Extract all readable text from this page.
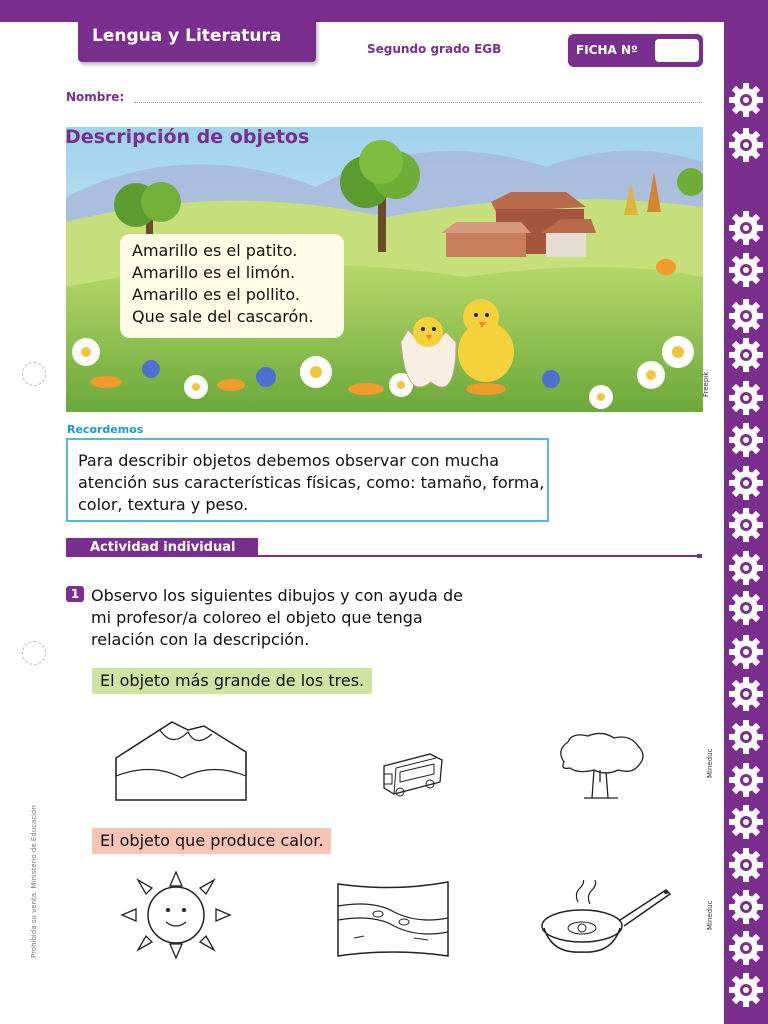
Lengua y Literatura
Segundo grado EGB	FICHA Nº
Nombre:
Descripción de objetos
Amarillo es el patito.
Amarillo es el limón.
Amarillo es el pollito.
Que sale del cascarón.
Freepik
Recordemos
Para describir objetos debemos observar con mucha atención sus características físicas, como: tamaño, forma, color, textura y peso.
Actividad individual
1 Observo los siguientes dibujos y con ayuda de mi profesor/a coloreo el objeto que tenga relación con la descripción.
El objeto más grande de los tres.
Mineduc
El objeto que produce calor.
Mineduc
Prohibida su venta. Ministerio de Educación
